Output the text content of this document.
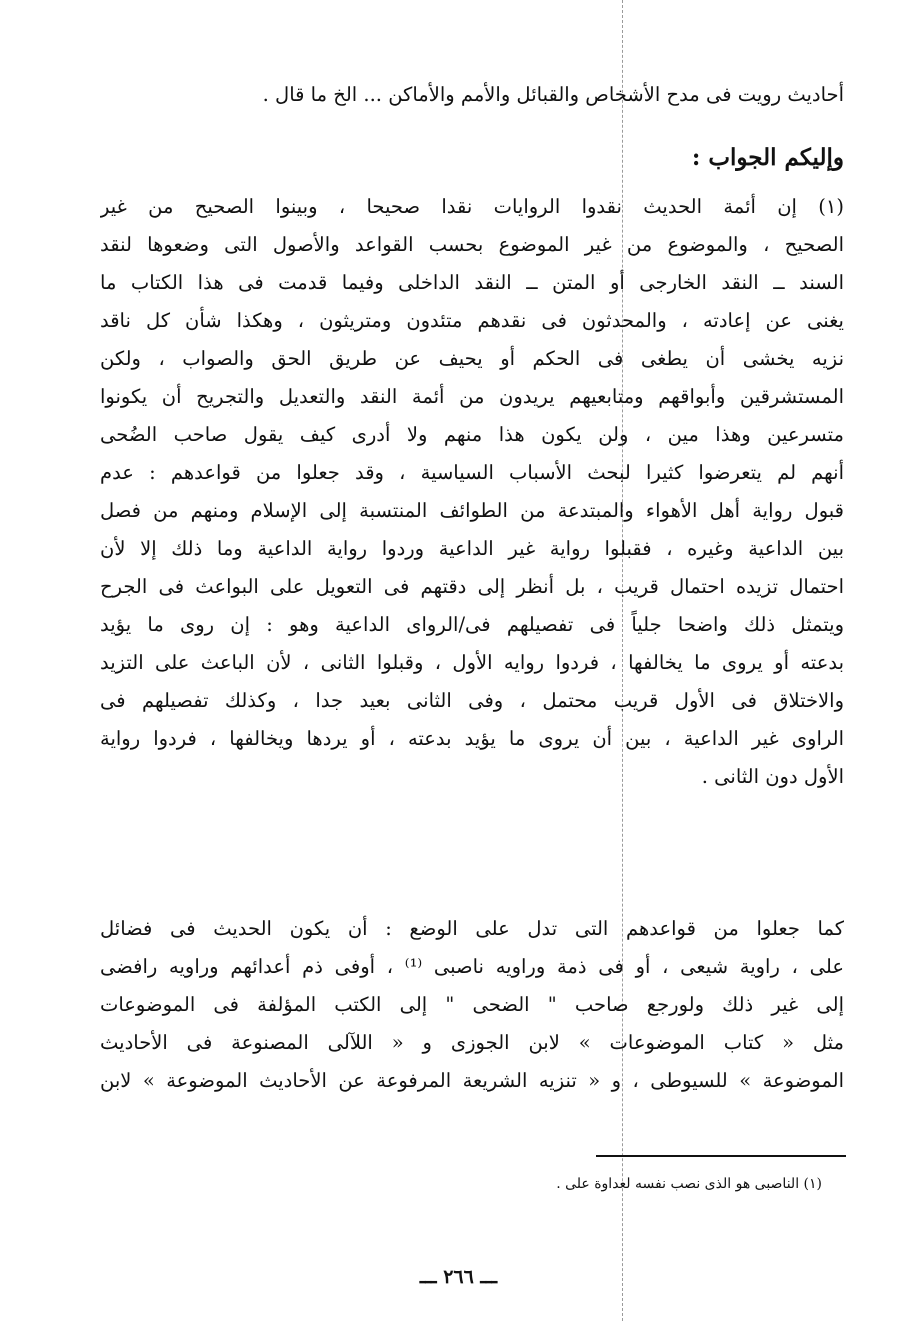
أحاديث رويت فى مدح الأشخاص والقبائل والأمم والأماكن ... الخ ما قال .
وإليكم الجواب :
(١) إن أئمة الحديث نقدوا الروايات نقدا صحيحا ، وبينوا الصحيح من غير
الصحيح ، والموضوع من غير الموضوع بحسب القواعد والأصول التى وضعوها لنقد
السند ــ النقد الخارجى أو المتن ــ النقد الداخلى وفيما قدمت فى هذا الكتاب ما
يغنى عن إعادته ، والمحدثون فى نقدهم متئدون ومتريثون ، وهكذا شأن كل ناقد
نزيه يخشى أن يطغى فى الحكم أو يحيف عن طريق الحق والصواب ، ولكن
المستشرقين وأبواقهم ومتابعيهم يريدون من أئمة النقد والتعديل والتجريح أن يكونوا
متسرعين وهذا مين ، ولن يكون هذا منهم ولا أدرى كيف يقول صاحب الضُحى
أنهم لم يتعرضوا كثيرا لبحث الأسباب السياسية ، وقد جعلوا من قواعدهم : عدم
قبول رواية أهل الأهواء والمبتدعة من الطوائف المنتسبة إلى الإسلام ومنهم من فصل
بين الداعية وغيره ، فقبلوا رواية غير الداعية وردوا رواية الداعية وما ذلك إلا لأن
احتمال تزيده احتمال قريب ، بل أنظر إلى دقتهم فى التعويل على البواعث فى الجرح
ويتمثل ذلك واضحا جلياً فى تفصيلهم فى/الرواى الداعية وهو : إن روى ما يؤيد
بدعته أو يروى ما يخالفها ، فردوا روايه الأول ، وقبلوا الثانى ، لأن الباعث على التزيد
والاختلاق فى الأول قريب محتمل ، وفى الثانى بعيد جدا ، وكذلك تفصيلهم فى
الراوى غير الداعية ، بين أن يروى ما يؤيد بدعته ، أو يردها ويخالفها ، فردوا رواية
الأول دون الثانى .
كما جعلوا من قواعدهم التى تدل على الوضع : أن يكون الحديث فى فضائل
على ، راوية شيعى ، أو فى ذمة وراويه ناصبى ⁽¹⁾ ، أوفى ذم أعدائهم وراويه رافضى
إلى غير ذلك ولورجع صاحب " الضحى " إلى الكتب المؤلفة فى الموضوعات
مثل « كتاب الموضوعات » لابن الجوزى و « اللآلى المصنوعة فى الأحاديث
الموضوعة » للسيوطى ، و « تنزيه الشريعة المرفوعة عن الأحاديث الموضوعة » لابن
(١) الناصبى هو الذى نصب نفسه لعداوة على .
ـــ ٢٦٦ ـــ
